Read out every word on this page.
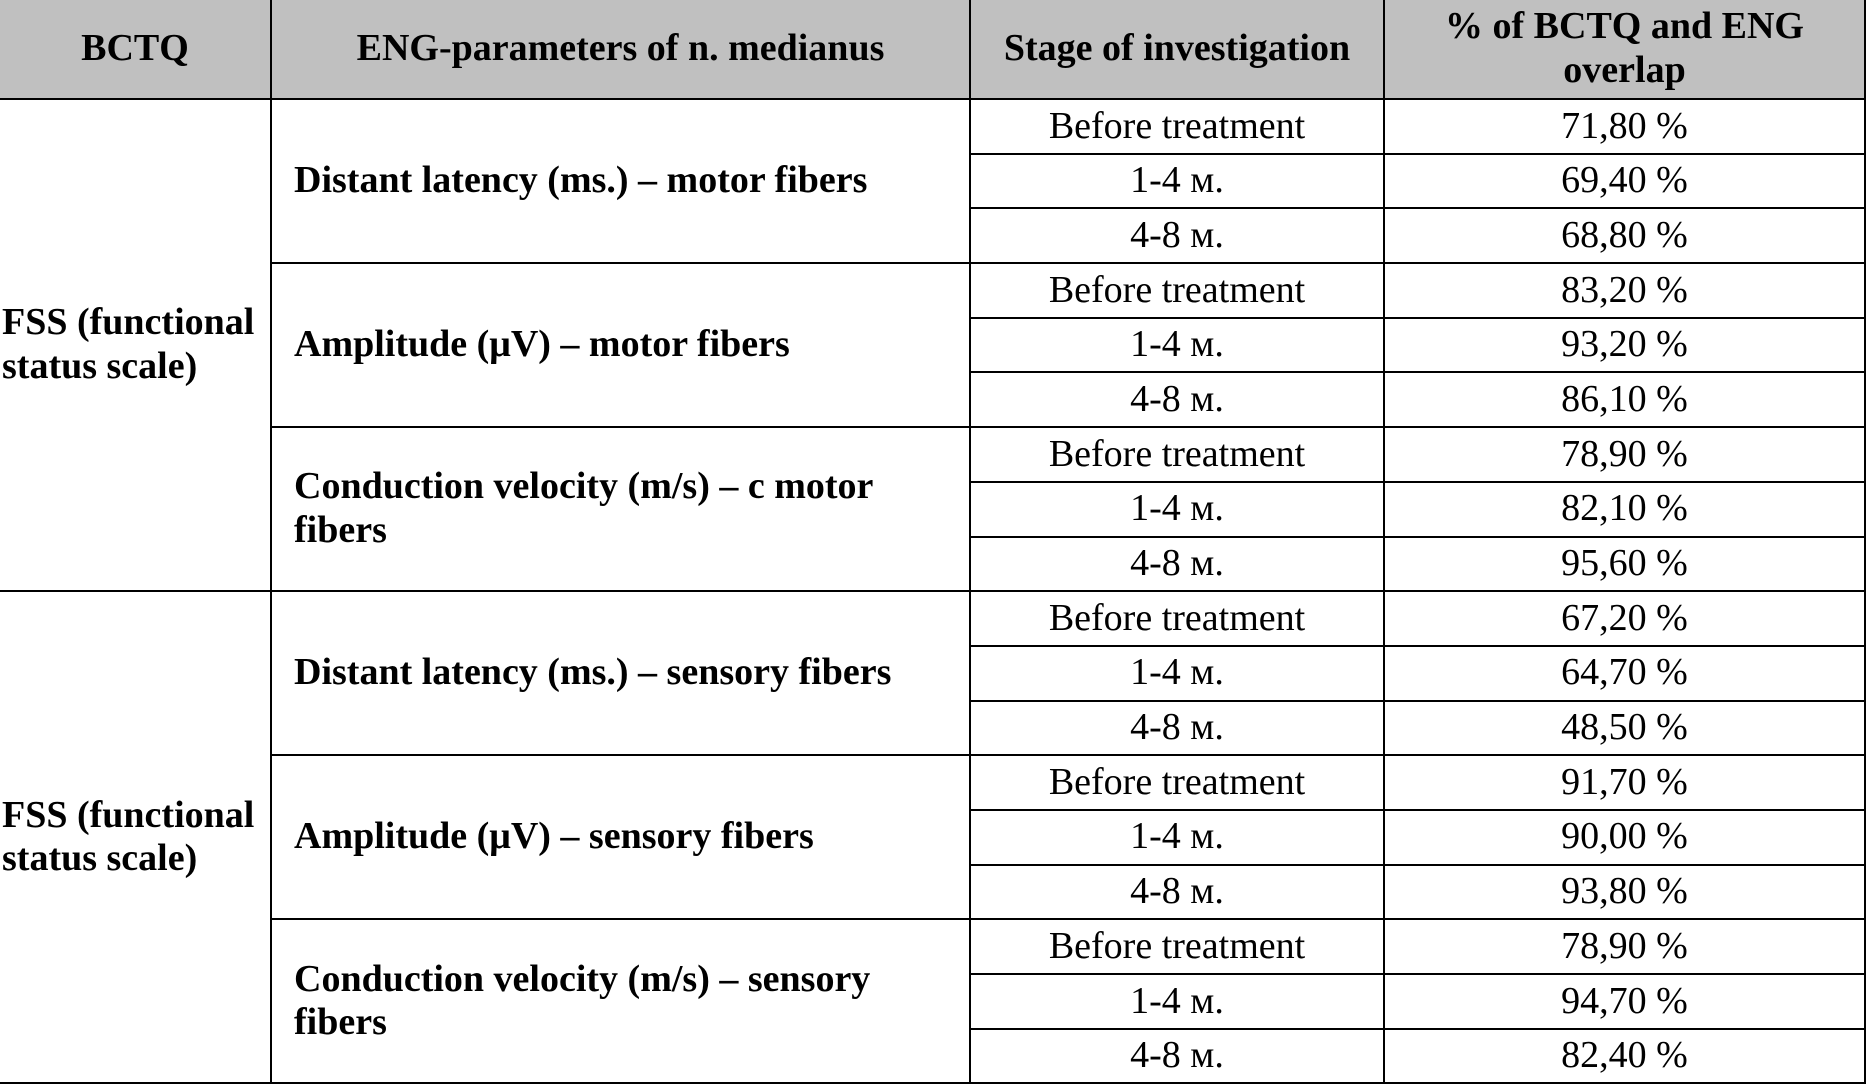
BCTQ	ENG-parameters of n. medianus	Stage of investigation	% of BCTQ and ENG overlap
FSS (functional status scale)	Distant latency (ms.) – motor fibers	Before treatment	71,80 %
		1-4 м.	69,40 %
		4-8 м.	68,80 %
	Amplitude (μV) – motor fibers	Before treatment	83,20 %
		1-4 м.	93,20 %
		4-8 м.	86,10 %
	Conduction velocity (m/s) – c motor fibers	Before treatment	78,90 %
		1-4 м.	82,10 %
		4-8 м.	95,60 %
FSS (functional status scale)	Distant latency (ms.) – sensory fibers	Before treatment	67,20 %
		1-4 м.	64,70 %
		4-8 м.	48,50 %
	Amplitude (μV) – sensory fibers	Before treatment	91,70 %
		1-4 м.	90,00 %
		4-8 м.	93,80 %
	Conduction velocity (m/s) – sensory fibers	Before treatment	78,90 %
		1-4 м.	94,70 %
		4-8 м.	82,40 %
